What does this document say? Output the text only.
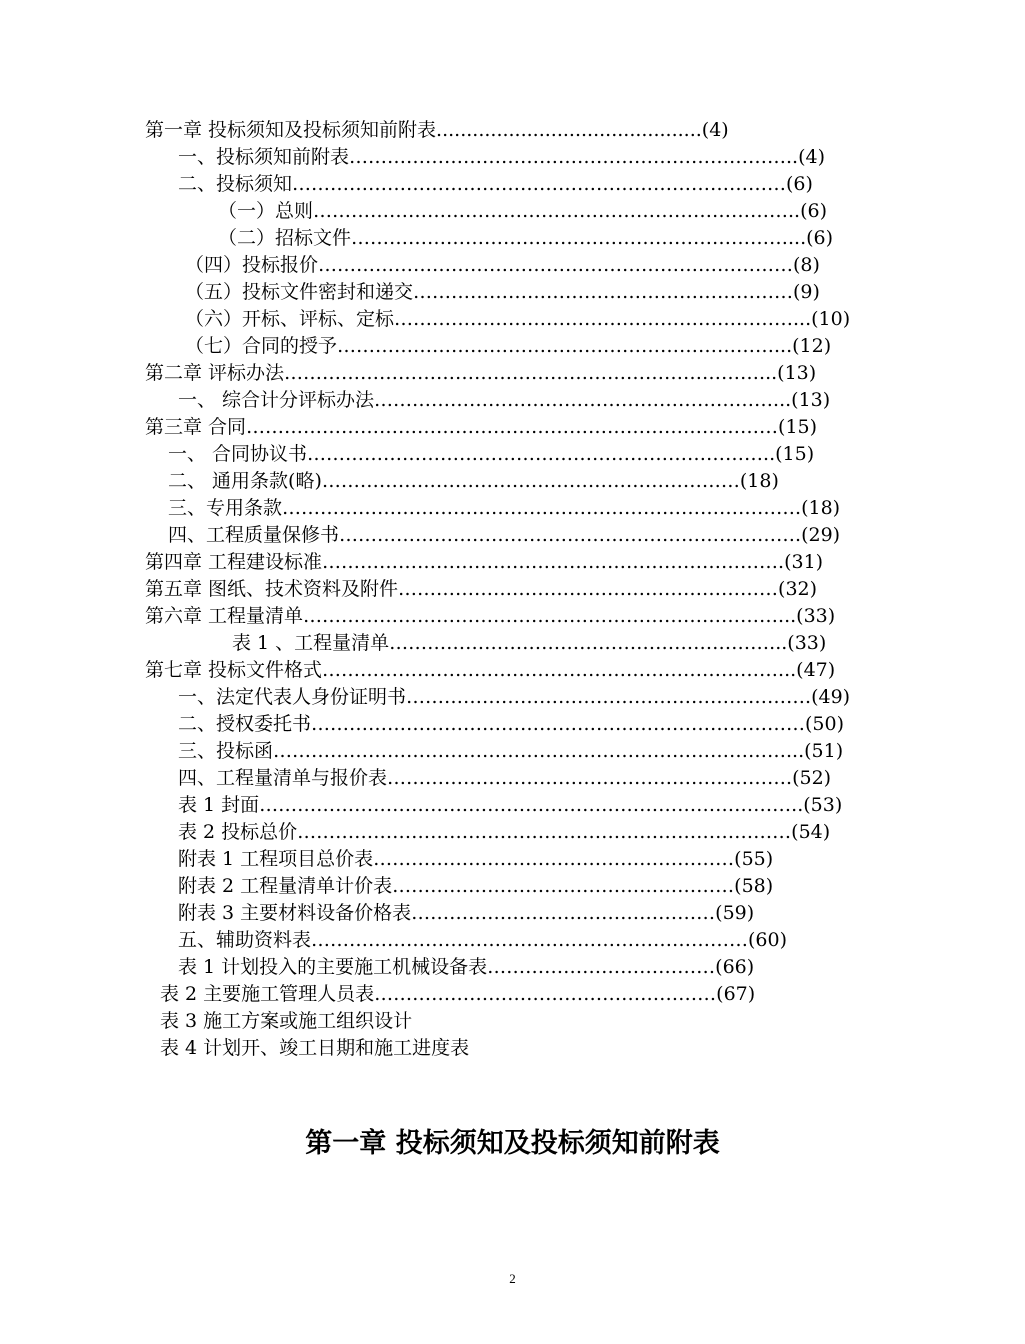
第一章 投标须知及投标须知前附表............................................(4)
一、投标须知前附表……………………………………………………………..(4)
二、投标须知……………………………………………………………………(6)
（一）总则…………………………………………………………………..(6)
（二）招标文件……………………………………………………………...(6)
（四）投标报价…………………………………………………………………(8)
（五）投标文件密封和递交……………………………………………………(9)
（六）开标、评标、定标………………………………………………………...(10)
（七）合同的授予……………………………………………………………...(12)
第二章 评标办法…………………………………………………………………...(13)
一、 综合计分评标办法………………………………………………………...(13)
第三章 合同…………………………………………………………………………(15)
一、 合同协议书………………………………………………………………..(15)
二、 通用条款(略)…………………………………………………………(18)
三、专用条款……………………………………………………………………….(18)
四、工程质量保修书……………………………………………………………….(29)
第四章 工程建设标准……………………………………………………………….(31)
第五章 图纸、技术资料及附件……………………………………………………(32)
第六章 工程量清单…………………………………………………………………...(33)
表 1 、工程量清单……………………………………………………...(33)
第七章 投标文件格式………………………………………………………………...(47)
一、法定代表人身份证明书……………………………………………………….(49)
二、授权委托书……………………………………………………………………(50)
三、投标函………………………………………………………………………...(51)
四、工程量清单与报价表……………………………………………………….(52)
表 1 封面…………………………………………………………………………..(53)
表 2 投标总价……………………………………………………………………(54)
附表 1 工程项目总价表…………………………………………………(55)
附表 2 工程量清单计价表………………………………………………(58)
附表 3 主要材料设备价格表…………………………………………(59)
五、辅助资料表……………………………………………………………(60)
表 1 计划投入的主要施工机械设备表………………………………(66)
表 2 主要施工管理人员表………………………………………………(67)
表 3 施工方案或施工组织设计
表 4 计划开、竣工日期和施工进度表
第一章 投标须知及投标须知前附表
2
